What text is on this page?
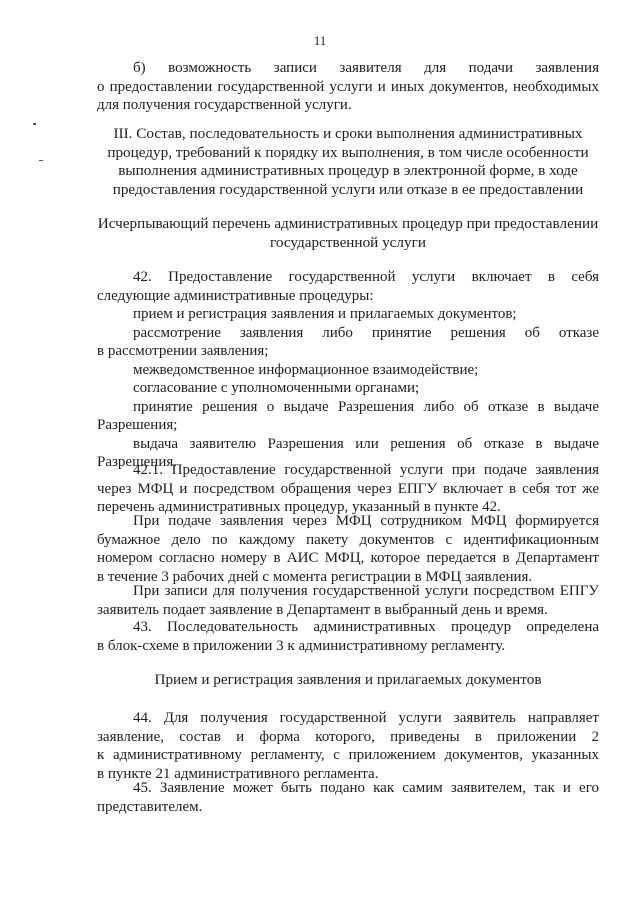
11
б) возможность записи заявителя для подачи заявления
о предоставлении государственной услуги и иных документов, необходимых
для получения государственной услуги.
III. Состав, последовательность и сроки выполнения административных
процедур, требований к порядку их выполнения, в том числе особенности
выполнения административных процедур в электронной форме, в ходе
предоставления государственной услуги или отказе в ее предоставлении
Исчерпывающий перечень административных процедур при предоставлении
государственной услуги
42. Предоставление государственной услуги включает в себя
следующие административные процедуры:
прием и регистрация заявления и прилагаемых документов;
рассмотрение заявления либо принятие решения об отказе
в рассмотрении заявления;
межведомственное информационное взаимодействие;
согласование с уполномоченными органами;
принятие решения о выдаче Разрешения либо об отказе в выдаче
Разрешения;
выдача заявителю Разрешения или решения об отказе в выдаче
Разрешения.
42.1. Предоставление государственной услуги при подаче заявления
через МФЦ и посредством обращения через ЕПГУ включает в себя тот же
перечень административных процедур, указанный в пункте 42.
При подаче заявления через МФЦ сотрудником МФЦ формируется
бумажное дело по каждому пакету документов с идентификационным
номером согласно номеру в АИС МФЦ, которое передается в Департамент
в течение 3 рабочих дней с момента регистрации в МФЦ заявления.
При записи для получения государственной услуги посредством ЕПГУ
заявитель подает заявление в Департамент в выбранный день и время.
43. Последовательность административных процедур определена
в блок-схеме в приложении 3 к административному регламенту.
Прием и регистрация заявления и прилагаемых документов
44. Для получения государственной услуги заявитель направляет
заявление, состав и форма которого, приведены в приложении 2
к административному регламенту, с приложением документов, указанных
в пункте 21 административного регламента.
45. Заявление может быть подано как самим заявителем, так и его
представителем.
